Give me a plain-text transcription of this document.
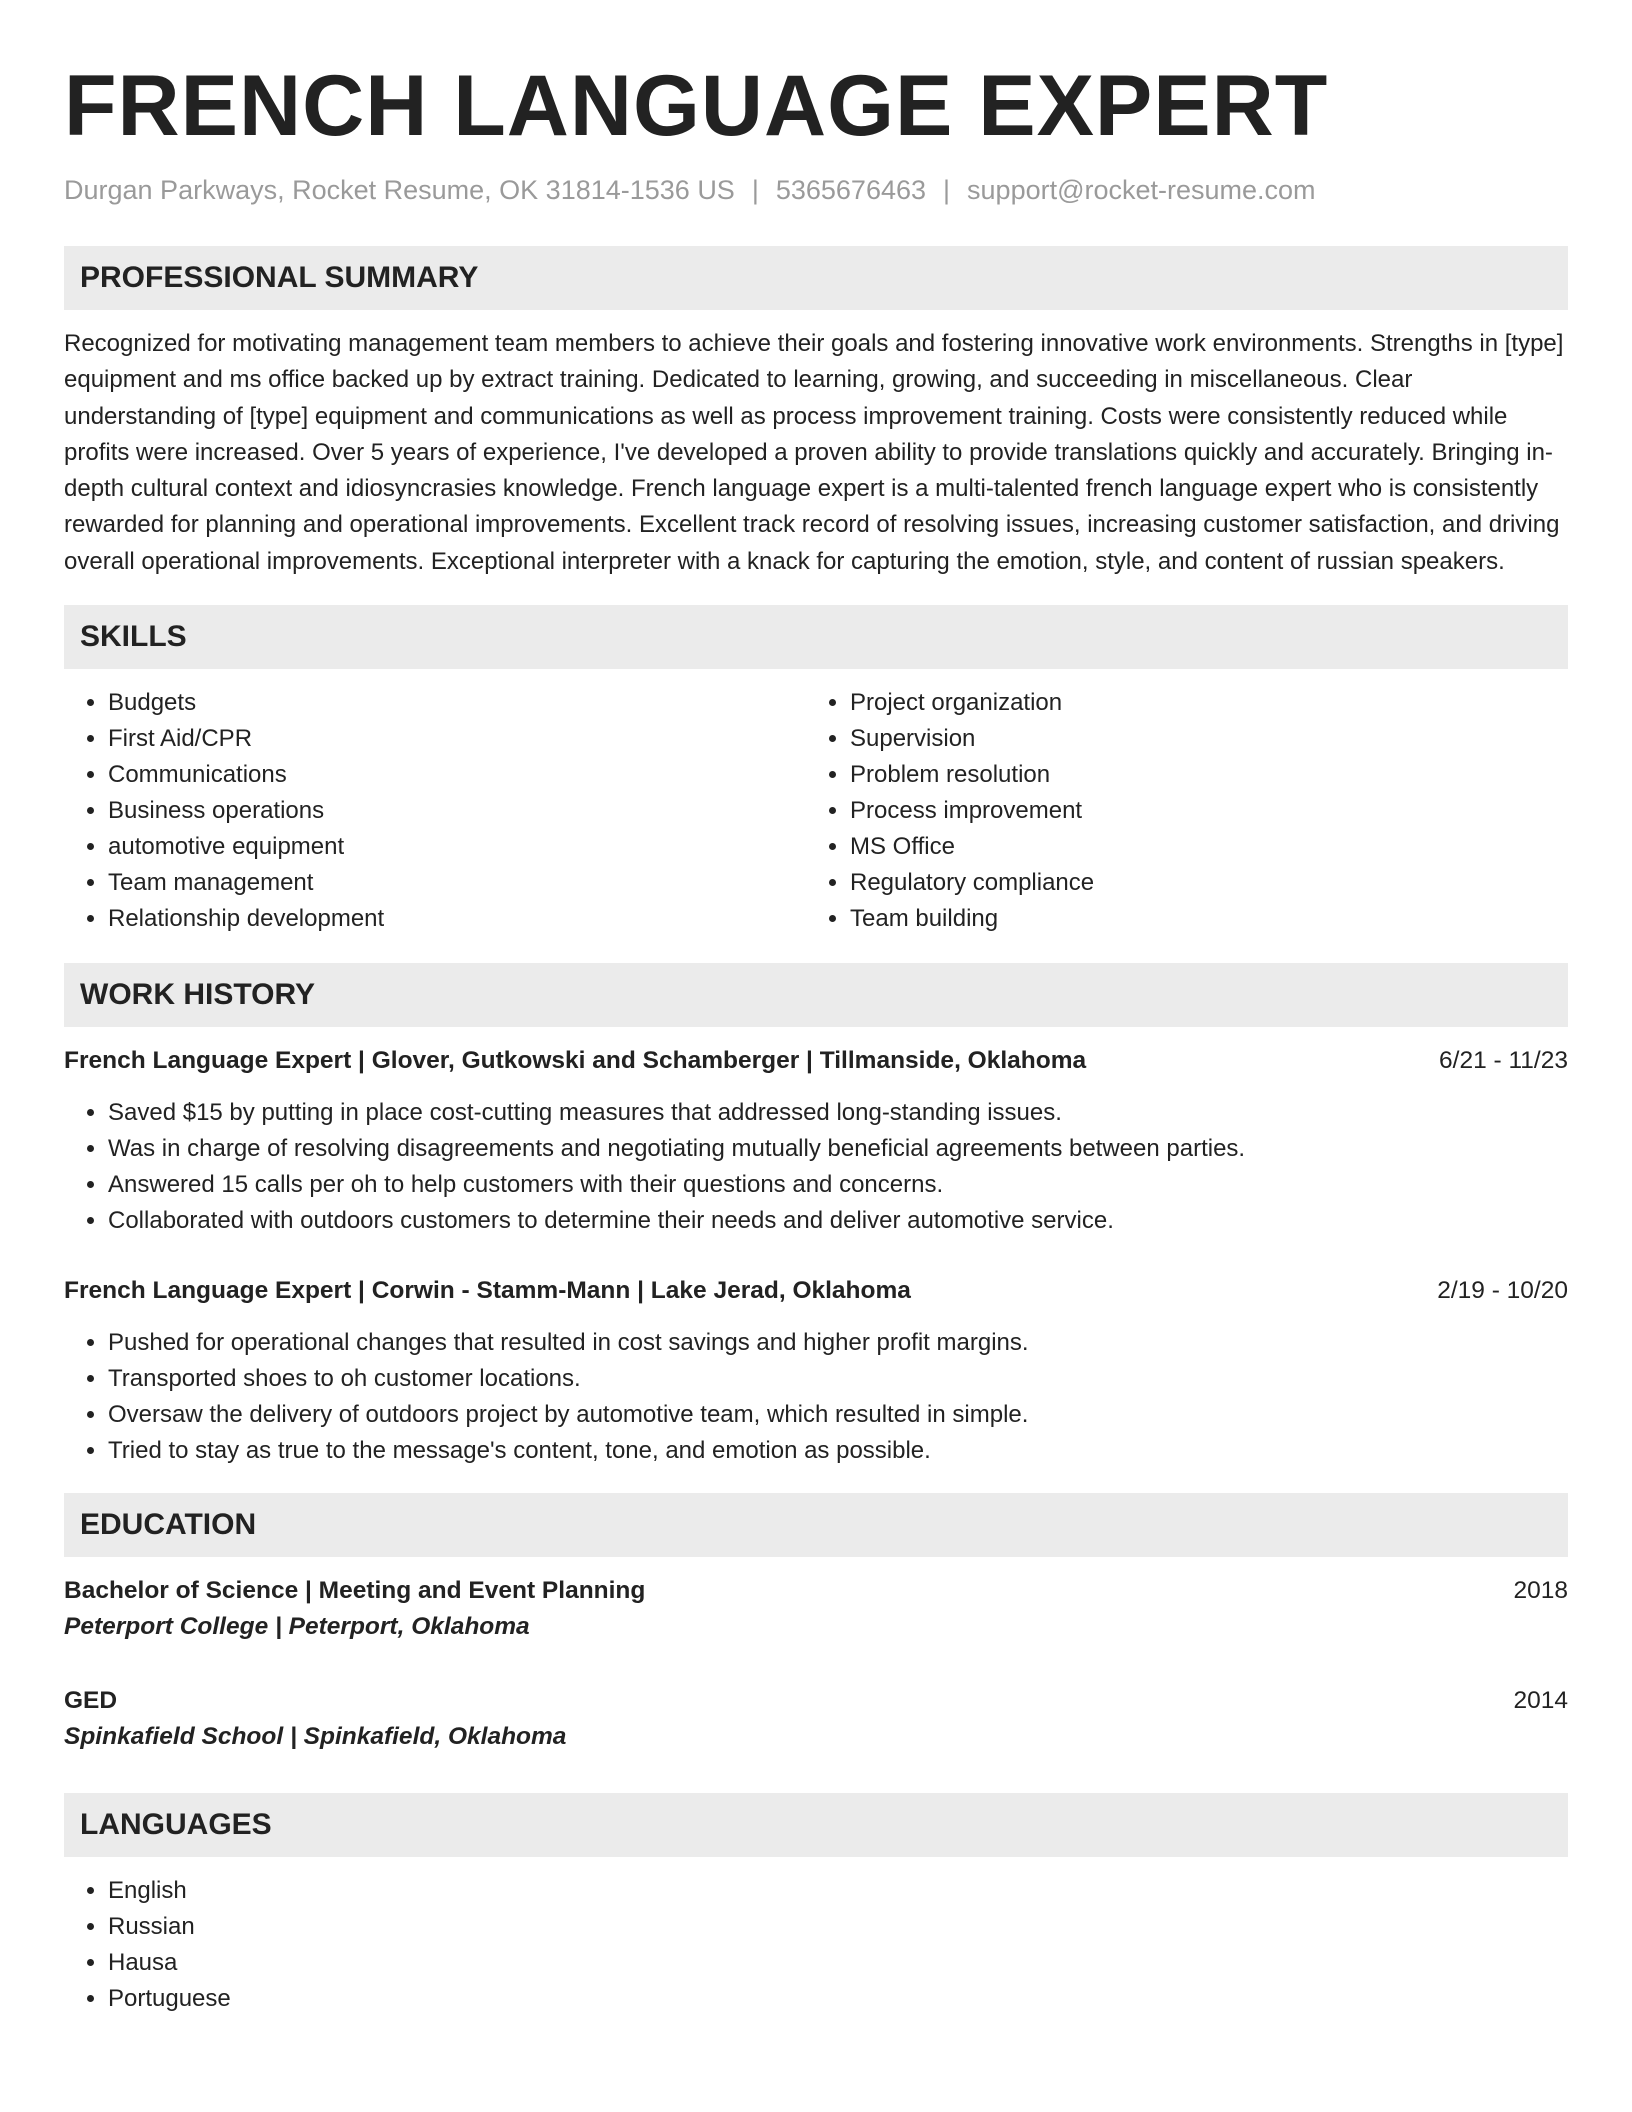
FRENCH LANGUAGE EXPERT
Durgan Parkways, Rocket Resume, OK 31814-1536 US | 5365676463 | support@rocket-resume.com
PROFESSIONAL SUMMARY

Recognized for motivating management team members to achieve their goals and fostering innovative work environments. Strengths in [type] equipment and ms office backed up by extract training. Dedicated to learning, growing, and succeeding in miscellaneous. Clear understanding of [type] equipment and communications as well as process improvement training. Costs were consistently reduced while profits were increased. Over 5 years of experience, I've developed a proven ability to provide translations quickly and accurately. Bringing in-depth cultural context and idiosyncrasies knowledge. French language expert is a multi-talented french language expert who is consistently rewarded for planning and operational improvements. Excellent track record of resolving issues, increasing customer satisfaction, and driving overall operational improvements. Exceptional interpreter with a knack for capturing the emotion, style, and content of russian speakers.

SKILLS
• Budgets
• First Aid/CPR
• Communications
• Business operations
• automotive equipment
• Team management
• Relationship development
• Project organization
• Supervision
• Problem resolution
• Process improvement
• MS Office
• Regulatory compliance
• Team building
WORK HISTORY
French Language Expert | Glover, Gutkowski and Schamberger | Tillmanside, Oklahoma	6/21 - 11/23
• Saved $15 by putting in place cost-cutting measures that addressed long-standing issues.
• Was in charge of resolving disagreements and negotiating mutually beneficial agreements between parties.
• Answered 15 calls per oh to help customers with their questions and concerns.
• Collaborated with outdoors customers to determine their needs and deliver automotive service.
French Language Expert | Corwin - Stamm-Mann | Lake Jerad, Oklahoma	2/19 - 10/20
• Pushed for operational changes that resulted in cost savings and higher profit margins.
• Transported shoes to oh customer locations.
• Oversaw the delivery of outdoors project by automotive team, which resulted in simple.
• Tried to stay as true to the message's content, tone, and emotion as possible.
EDUCATION
Bachelor of Science | Meeting and Event Planning	2018
Peterport College | Peterport, Oklahoma
GED	2014
Spinkafield School | Spinkafield, Oklahoma
LANGUAGES
• English
• Russian
• Hausa
• Portuguese
